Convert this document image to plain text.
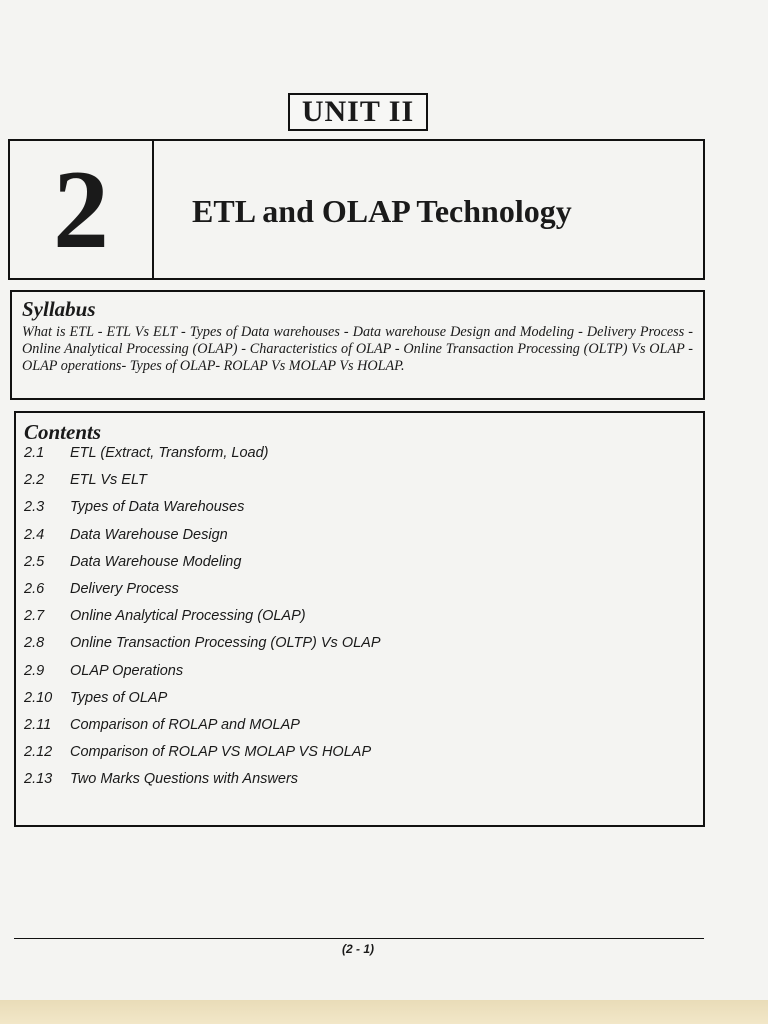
UNIT II
2	ETL and OLAP Technology
Syllabus

What is ETL - ETL Vs ELT - Types of Data warehouses - Data warehouse Design and Modeling - Delivery Process - Online Analytical Processing (OLAP) - Characteristics of OLAP - Online Transaction Processing (OLTP) Vs OLAP - OLAP operations- Types of OLAP- ROLAP Vs MOLAP Vs HOLAP.

Contents
2.1	ETL (Extract, Transform, Load)
2.2	ETL Vs ELT
2.3	Types of Data Warehouses
2.4	Data Warehouse Design
2.5	Data Warehouse Modeling
2.6	Delivery Process
2.7	Online Analytical Processing (OLAP)
2.8	Online Transaction Processing (OLTP) Vs OLAP
2.9	OLAP Operations
2.10	Types of OLAP
2.11	Comparison of ROLAP and MOLAP
2.12	Comparison of ROLAP VS MOLAP VS HOLAP
2.13	Two Marks Questions with Answers
(2 - 1)
